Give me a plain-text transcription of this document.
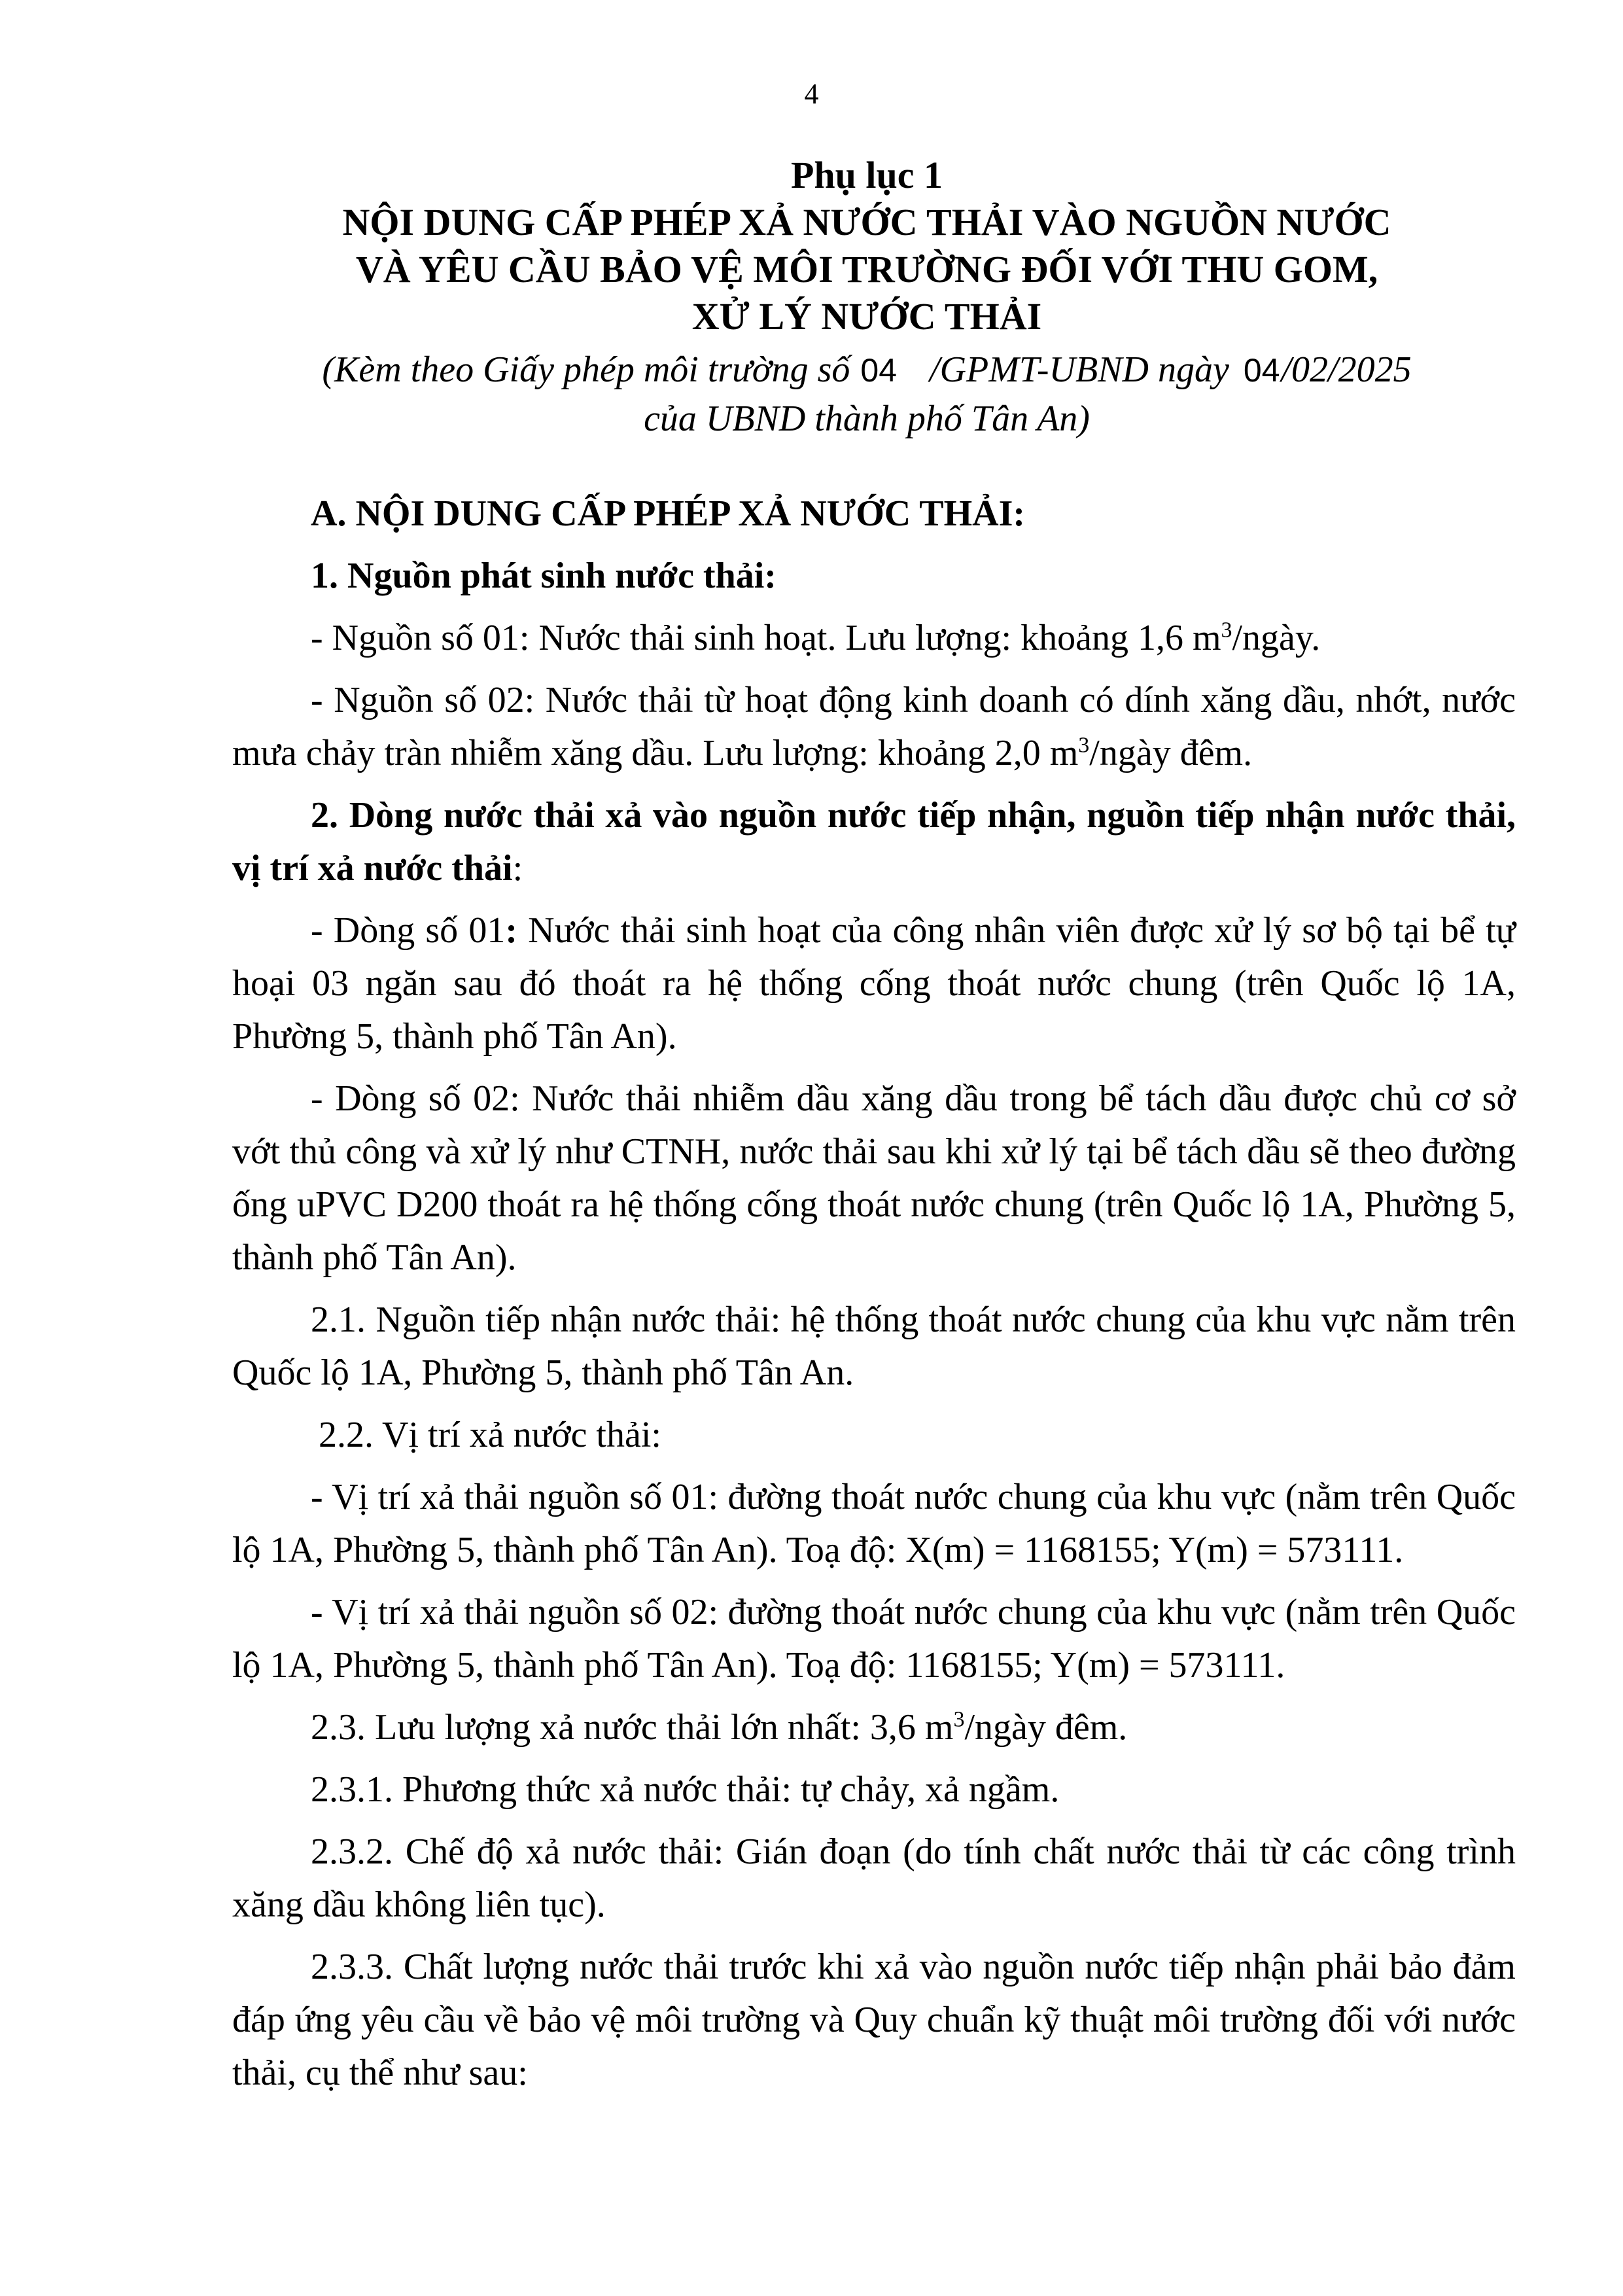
4
Phụ lục 1
NỘI DUNG CẤP PHÉP XẢ NƯỚC THẢI VÀO NGUỒN NƯỚC
VÀ YÊU CẦU BẢO VỆ MÔI TRƯỜNG ĐỐI VỚI THU GOM,
XỬ LÝ NƯỚC THẢI
(Kèm theo Giấy phép môi trường số 04 /GPMT-UBND ngày 04/02/2025
của UBND thành phố Tân An)
A. NỘI DUNG CẤP PHÉP XẢ NƯỚC THẢI:
1. Nguồn phát sinh nước thải:
- Nguồn số 01: Nước thải sinh hoạt. Lưu lượng: khoảng 1,6 $m^3$/ngày.
- Nguồn số 02: Nước thải từ hoạt động kinh doanh có dính xăng dầu, nhớt, nước mưa chảy tràn nhiễm xăng dầu. Lưu lượng: khoảng 2,0 $m^3$/ngày đêm.
2. Dòng nước thải xả vào nguồn nước tiếp nhận, nguồn tiếp nhận nước thải, vị trí xả nước thải:
- Dòng số 01: Nước thải sinh hoạt của công nhân viên được xử lý sơ bộ tại bể tự hoại 03 ngăn sau đó thoát ra hệ thống cống thoát nước chung (trên Quốc lộ 1A, Phường 5, thành phố Tân An).
- Dòng số 02: Nước thải nhiễm dầu xăng dầu trong bể tách dầu được chủ cơ sở vớt thủ công và xử lý như CTNH, nước thải sau khi xử lý tại bể tách dầu sẽ theo đường ống uPVC D200 thoát ra hệ thống cống thoát nước chung (trên Quốc lộ 1A, Phường 5, thành phố Tân An).
2.1. Nguồn tiếp nhận nước thải: hệ thống thoát nước chung của khu vực nằm trên Quốc lộ 1A, Phường 5, thành phố Tân An.
2.2. Vị trí xả nước thải:
- Vị trí xả thải nguồn số 01: đường thoát nước chung của khu vực (nằm trên Quốc lộ 1A, Phường 5, thành phố Tân An). Toạ độ: X(m) = 1168155; Y(m) = 573111.
- Vị trí xả thải nguồn số 02: đường thoát nước chung của khu vực (nằm trên Quốc lộ 1A, Phường 5, thành phố Tân An). Toạ độ: 1168155; Y(m) = 573111.
2.3. Lưu lượng xả nước thải lớn nhất: 3,6 $m^3$/ngày đêm.
2.3.1. Phương thức xả nước thải: tự chảy, xả ngầm.
2.3.2. Chế độ xả nước thải: Gián đoạn (do tính chất nước thải từ các công trình xăng dầu không liên tục).
2.3.3. Chất lượng nước thải trước khi xả vào nguồn nước tiếp nhận phải bảo đảm đáp ứng yêu cầu về bảo vệ môi trường và Quy chuẩn kỹ thuật môi trường đối với nước thải, cụ thể như sau:
